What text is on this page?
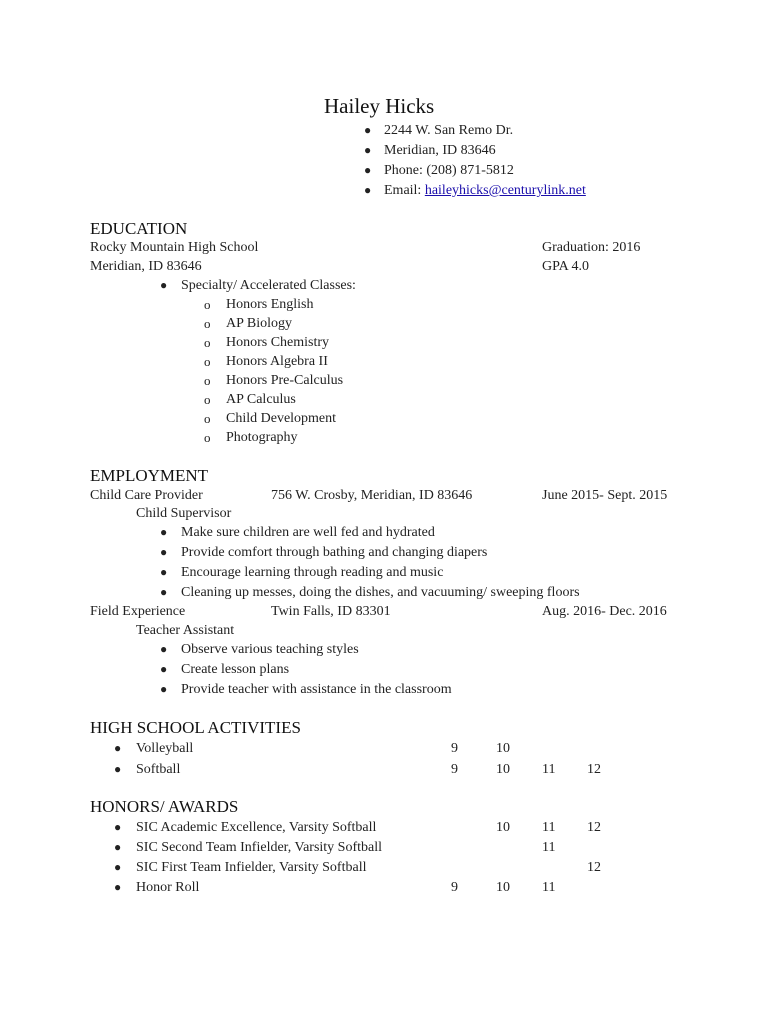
Hailey Hicks
● 2244 W. San Remo Dr.
● Meridian, ID 83646
● Phone: (208) 871-5812
● Email: haileyhicks@centurylink.net
EDUCATION
Rocky Mountain High School	Graduation: 2016
Meridian, ID 83646	GPA 4.0
● Specialty/ Accelerated Classes:
o Honors English
o AP Biology
o Honors Chemistry
o Honors Algebra II
o Honors Pre-Calculus
o AP Calculus
o Child Development
o Photography
EMPLOYMENT
Child Care Provider	756 W. Crosby, Meridian, ID 83646	June 2015- Sept. 2015
Child Supervisor
● Make sure children are well fed and hydrated
● Provide comfort through bathing and changing diapers
● Encourage learning through reading and music
● Cleaning up messes, doing the dishes, and vacuuming/ sweeping floors
Field Experience	Twin Falls, ID 83301	Aug. 2016- Dec. 2016
Teacher Assistant
● Observe various teaching styles
● Create lesson plans
● Provide teacher with assistance in the classroom
HIGH SCHOOL ACTIVITIES
● Volleyball	9	10
● Softball	9	10 11 12
HONORS/ AWARDS
● SIC Academic Excellence, Varsity Softball	10 11 12
● SIC Second Team Infielder, Varsity Softball	11
● SIC First Team Infielder, Varsity Softball	12
● Honor Roll	9	10 11
